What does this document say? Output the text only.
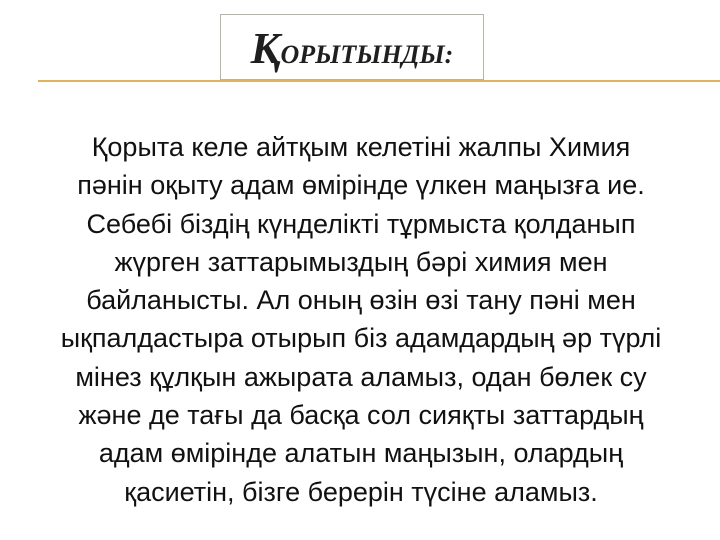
ҚОРЫТЫНДЫ:
Қорыта келе айтқым келетіні жалпы Химия
пәнін оқыту адам өмірінде үлкен маңызға ие.
Себебі біздің күнделікті тұрмыста қолданып
жүрген заттарымыздың бәрі химия мен
байланысты. Ал оның өзін өзі тану пәні мен
ықпалдастыра отырып біз адамдардың әр түрлі
мінез құлқын ажырата аламыз, одан бөлек су
және де тағы да басқа сол сияқты заттардың
адам өмірінде алатын маңызын, олардың
қасиетін, бізге берерін түсіне аламыз.
